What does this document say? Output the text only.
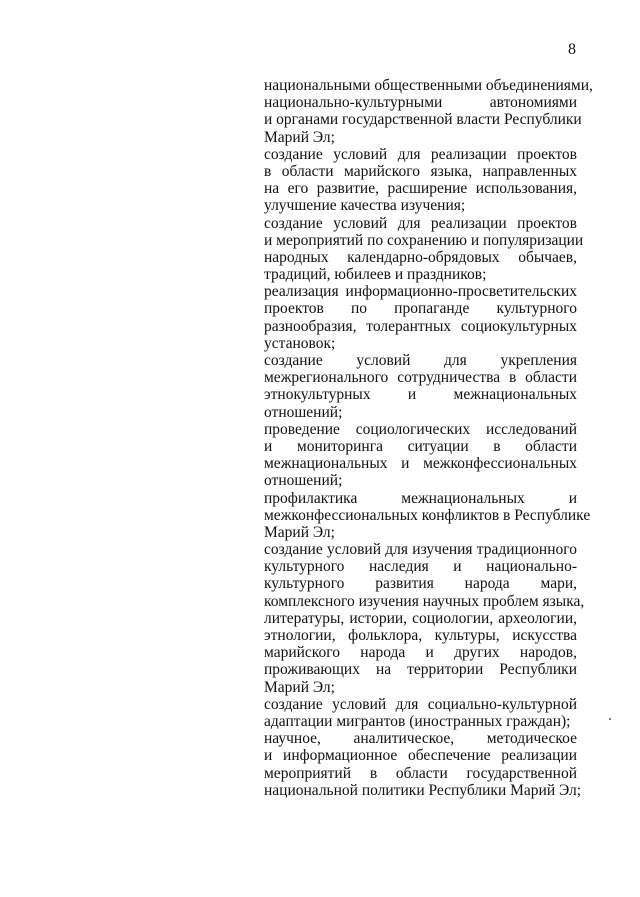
8
национальными общественными объединениями,
национально-культурными автономиями
и органами государственной власти Республики
Марий Эл;
создание условий для реализации проектов
в области марийского языка, направленных
на его развитие, расширение использования,
улучшение качества изучения;
создание условий для реализации проектов
и мероприятий по сохранению и популяризации
народных календарно-обрядовых обычаев,
традиций, юбилеев и праздников;
реализация информационно-просветительских
проектов по пропаганде культурного
разнообразия, толерантных социокультурных
установок;
создание условий для укрепления
межрегионального сотрудничества в области
этнокультурных и межнациональных
отношений;
проведение социологических исследований
и мониторинга ситуации в области
межнациональных и межконфессиональных
отношений;
профилактика межнациональных и
межконфессиональных конфликтов в Республике
Марий Эл;
создание условий для изучения традиционного
культурного наследия и национально-
культурного развития народа мари,
комплексного изучения научных проблем языка,
литературы, истории, социологии, археологии,
этнологии, фольклора, культуры, искусства
марийского народа и других народов,
проживающих на территории Республики
Марий Эл;
создание условий для социально-культурной
адаптации мигрантов (иностранных граждан);
научное, аналитическое, методическое
и информационное обеспечение реализации
мероприятий в области государственной
национальной политики Республики Марий Эл;
